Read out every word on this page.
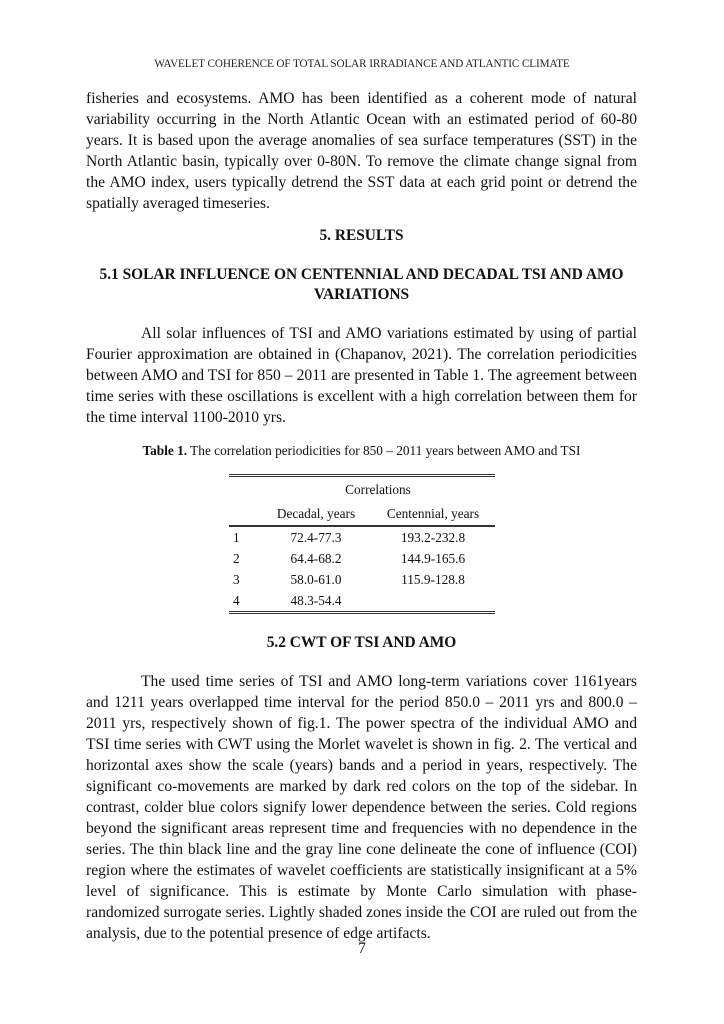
WAVELET COHERENCE OF TOTAL SOLAR IRRADIANCE AND ATLANTIC CLIMATE

fisheries and ecosystems. AMO has been identified as a coherent mode of natural variability occurring in the North Atlantic Ocean with an estimated period of 60-80 years. It is based upon the average anomalies of sea surface temperatures (SST) in the North Atlantic basin, typically over 0-80N. To remove the climate change signal from the AMO index, users typically detrend the SST data at each grid point or detrend the spatially averaged timeseries.

5. RESULTS
5.1 SOLAR INFLUENCE ON CENTENNIAL AND DECADAL TSI AND AMO VARIATIONS

All solar influences of TSI and AMO variations estimated by using of partial Fourier approximation are obtained in (Chapanov, 2021). The correlation periodicities between AMO and TSI for 850 – 2011 are presented in Table 1. The agreement between time series with these oscillations is excellent with a high correlation between them for the time interval 1100-2010 yrs.

Table 1. The correlation periodicities for 850 – 2011 years between AMO and TSI
	Correlations	
	Decadal, years	Centennial, years
1	72.4-77.3	193.2-232.8
2	64.4-68.2	144.9-165.6
3	58.0-61.0	115.9-128.8
4	48.3-54.4	
5.2 CWT OF TSI AND AMO

The used time series of TSI and AMO long-term variations cover 1161years and 1211 years overlapped time interval for the period 850.0 – 2011 yrs and 800.0 – 2011 yrs, respectively shown of fig.1. The power spectra of the individual AMO and TSI time series with CWT using the Morlet wavelet is shown in fig. 2. The vertical and horizontal axes show the scale (years) bands and a period in years, respectively. The significant co-movements are marked by dark red colors on the top of the sidebar. In contrast, colder blue colors signify lower dependence between the series. Cold regions beyond the significant areas represent time and frequencies with no dependence in the series. The thin black line and the gray line cone delineate the cone of influence (COI) region where the estimates of wavelet coefficients are statistically insignificant at a 5% level of significance. This is estimate by Monte Carlo simulation with phase-randomized surrogate series. Lightly shaded zones inside the COI are ruled out from the analysis, due to the potential presence of edge artifacts.

7
